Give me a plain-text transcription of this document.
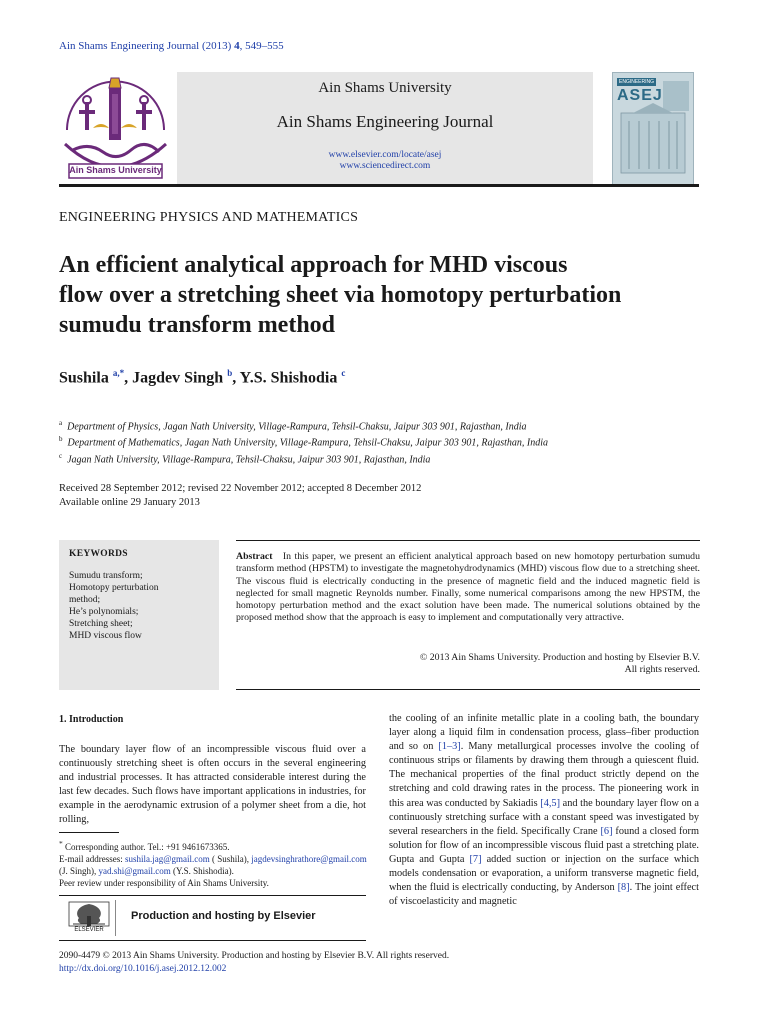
Ain Shams Engineering Journal (2013) 4, 549–555
Ain Shams University
Ain Shams University
Ain Shams Engineering Journal
www.elsevier.com/locate/asej
www.sciencedirect.com
ENGINEERING
ASEJ
ENGINEERING PHYSICS AND MATHEMATICS
An efficient analytical approach for MHD viscous
flow over a stretching sheet via homotopy perturbation
sumudu transform method
Sushila $^{a,*}$, Jagdev Singh $^b$, Y.S. Shishodia $^c$
$^a$ Department of Physics, Jagan Nath University, Village-Rampura, Tehsil-Chaksu, Jaipur 303 901, Rajasthan, India
$^b$ Department of Mathematics, Jagan Nath University, Village-Rampura, Tehsil-Chaksu, Jaipur 303 901, Rajasthan, India
$^c$ Jagan Nath University, Village-Rampura, Tehsil-Chaksu, Jaipur 303 901, Rajasthan, India
Received 28 September 2012; revised 22 November 2012; accepted 8 December 2012
Available online 29 January 2013
KEYWORDS
Sumudu transform;
Homotopy perturbation
method;
He’s polynomials;
Stretching sheet;
MHD viscous flow
Abstract In this paper, we present an efficient analytical approach based on new homotopy perturbation sumudu transform method (HPSTM) to investigate the magnetohydrodynamics (MHD) viscous flow due to a stretching sheet. The viscous fluid is electrically conducting in the presence of magnetic field and the induced magnetic field is neglected for small magnetic Reynolds number. Finally, some numerical comparisons among the new HPSTM, the homotopy perturbation method and the exact solution have been made. The numerical solutions obtained by the proposed method show that the approach is easy to implement and computationally very attractive.
© 2013 Ain Shams University. Production and hosting by Elsevier B.V.
All rights reserved.
1. Introduction
The boundary layer flow of an incompressible viscous fluid over a continuously stretching sheet is often occurs in the several engineering and industrial processes. It has attracted considerable interest during the last few decades. Such flows have important applications in industries, for example in the aerodynamic extrusion of a polymer sheet from a die, hot rolling,
the cooling of an infinite metallic plate in a cooling bath, the boundary layer along a liquid film in condensation process, glass–fiber production and so on [1–3]. Many metallurgical processes involve the cooling of continuous strips or filaments by drawing them through a quiescent fluid. The mechanical properties of the final product strictly depend on the stretching and cold drawing rates in the process. The pioneering work in this area was conducted by Sakiadis [4,5] and the boundary layer flow on a continuously stretching surface with a constant speed was investigated by several researchers in the field. Specifically Crane [6] found a closed form solution for flow of an incompressible viscous fluid past a stretching plate. Gupta and Gupta [7] added suction or injection on the surface which models condensation or evaporation, a uniform transverse magnetic field, when the fluid is electrically conducting, by Anderson [8]. The joint effect of viscoelasticity and magnetic
* Corresponding author. Tel.: +91 9461673365.
E-mail addresses: sushila.jag@gmail.com ( Sushila), jagdevsinghrathore@gmail.com (J. Singh), yad.shi@gmail.com (Y.S. Shishodia).
Peer review under responsibility of Ain Shams University.
ELSEVIER
Production and hosting by Elsevier
2090-4479 © 2013 Ain Shams University. Production and hosting by Elsevier B.V. All rights reserved.
http://dx.doi.org/10.1016/j.asej.2012.12.002
